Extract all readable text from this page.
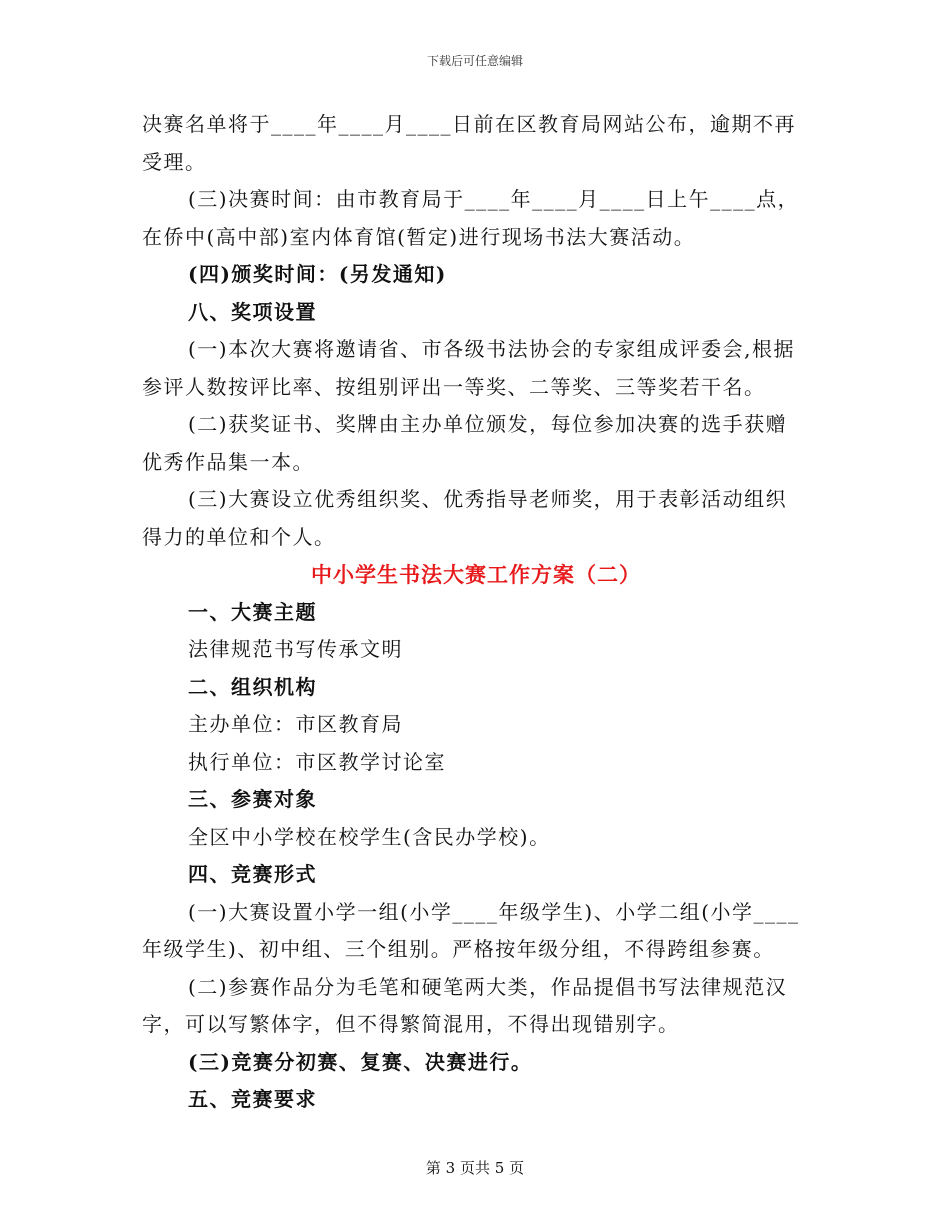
下载后可任意编辑
决赛名单将于____年____月____日前在区教育局网站公布，逾期不再
受理。
(三)决赛时间：由市教育局于____年____月____日上午____点，
在侨中(高中部)室内体育馆(暂定)进行现场书法大赛活动。
(四)颁奖时间：(另发通知)
八、奖项设置
(一)本次大赛将邀请省、市各级书法协会的专家组成评委会,根据
参评人数按评比率、按组别评出一等奖、二等奖、三等奖若干名。
(二)获奖证书、奖牌由主办单位颁发，每位参加决赛的选手获赠
优秀作品集一本。
(三)大赛设立优秀组织奖、优秀指导老师奖，用于表彰活动组织
得力的单位和个人。
中小学生书法大赛工作方案（二）
一、大赛主题
法律规范书写传承文明
二、组织机构
主办单位：市区教育局
执行单位：市区教学讨论室
三、参赛对象
全区中小学校在校学生(含民办学校)。
四、竞赛形式
(一)大赛设置小学一组(小学____年级学生)、小学二组(小学____
年级学生)、初中组、三个组别。严格按年级分组，不得跨组参赛。
(二)参赛作品分为毛笔和硬笔两大类，作品提倡书写法律规范汉
字，可以写繁体字，但不得繁简混用，不得出现错别字。
(三)竞赛分初赛、复赛、决赛进行。
五、竞赛要求
第 3 页共 5 页
